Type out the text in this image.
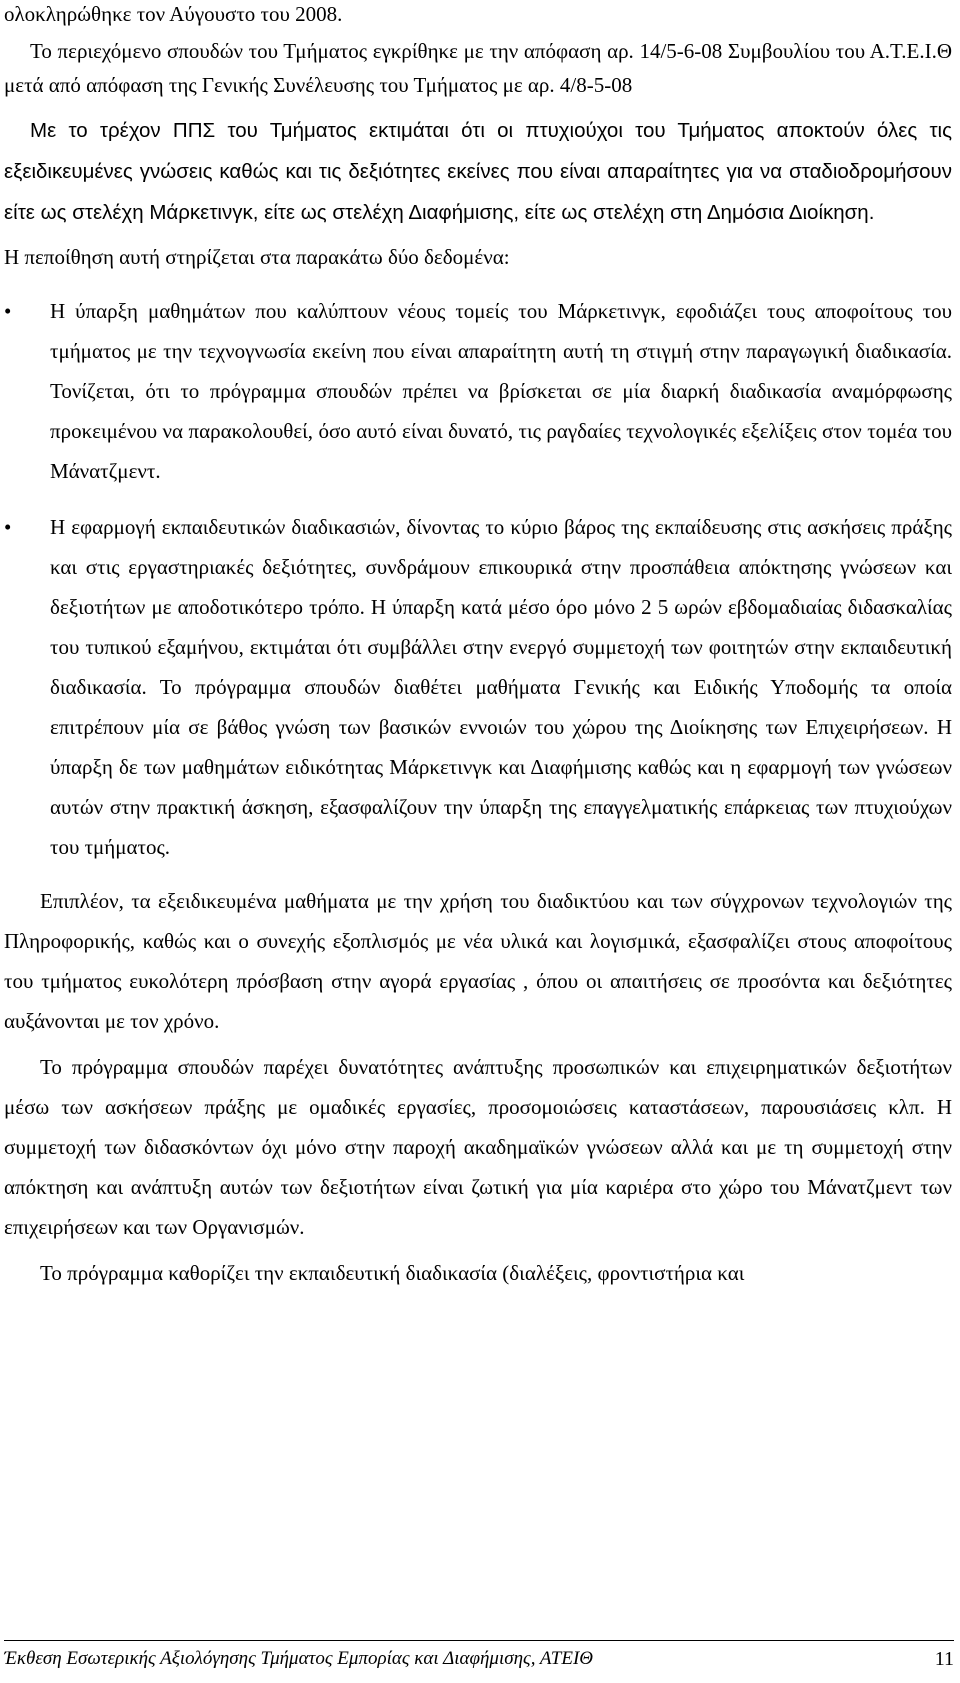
ολοκληρώθηκε τον Αύγουστο του 2008.

Το περιεχόμενο σπουδών του Τμήματος εγκρίθηκε με την απόφαση αρ. 14/5-6-08 Συμβουλίου του Α.Τ.Ε.Ι.Θ μετά από απόφαση της Γενικής Συνέλευσης του Τμήματος με αρ. 4/8-5-08

Με το τρέχον ΠΠΣ του Τμήματος εκτιμάται ότι οι πτυχιούχοι του Τμήματος αποκτούν όλες τις εξειδικευμένες γνώσεις καθώς και τις δεξιότητες εκείνες που είναι απαραίτητες για να σταδιοδρομήσουν είτε ως στελέχη Μάρκετινγκ, είτε ως στελέχη Διαφήμισης, είτε ως στελέχη στη Δημόσια Διοίκηση.

Η πεποίθηση αυτή στηρίζεται στα παρακάτω δύο δεδομένα:

• Η ύπαρξη μαθημάτων που καλύπτουν νέους τομείς του Μάρκετινγκ, εφοδιάζει τους αποφοίτους του τμήματος με την τεχνογνωσία εκείνη που είναι απαραίτητη αυτή τη στιγμή στην παραγωγική διαδικασία. Τονίζεται, ότι το πρόγραμμα σπουδών πρέπει να βρίσκεται σε μία διαρκή διαδικασία αναμόρφωσης προκειμένου να παρακολουθεί, όσο αυτό είναι δυνατό, τις ραγδαίες τεχνολογικές εξελίξεις στον τομέα του Μάνατζμεντ.

• Η εφαρμογή εκπαιδευτικών διαδικασιών, δίνοντας το κύριο βάρος της εκπαίδευσης στις ασκήσεις πράξης και στις εργαστηριακές δεξιότητες, συνδράμουν επικουρικά στην προσπάθεια απόκτησης γνώσεων και δεξιοτήτων με αποδοτικότερο τρόπο. Η ύπαρξη κατά μέσο όρο μόνο 2 5 ωρών εβδομαδιαίας διδασκαλίας του τυπικού εξαμήνου, εκτιμάται ότι συμβάλλει στην ενεργό συμμετοχή των φοιτητών στην εκπαιδευτική διαδικασία. Το πρόγραμμα σπουδών διαθέτει μαθήματα Γενικής και Ειδικής Υποδομής τα οποία επιτρέπουν μία σε βάθος γνώση των βασικών εννοιών του χώρου της Διοίκησης των Επιχειρήσεων. Η ύπαρξη δε των μαθημάτων ειδικότητας Μάρκετινγκ και Διαφήμισης καθώς και η εφαρμογή των γνώσεων αυτών στην πρακτική άσκηση, εξασφαλίζουν την ύπαρξη της επαγγελματικής επάρκειας των πτυχιούχων του τμήματος.

Επιπλέον, τα εξειδικευμένα μαθήματα με την χρήση του διαδικτύου και των σύγχρονων τεχνολογιών της Πληροφορικής, καθώς και ο συνεχής εξοπλισμός με νέα υλικά και λογισμικά, εξασφαλίζει στους αποφοίτους του τμήματος ευκολότερη πρόσβαση στην αγορά εργασίας , όπου οι απαιτήσεις σε προσόντα και δεξιότητες αυξάνονται με τον χρόνο.

Το πρόγραμμα σπουδών παρέχει δυνατότητες ανάπτυξης προσωπικών και επιχειρηματικών δεξιοτήτων μέσω των ασκήσεων πράξης με ομαδικές εργασίες, προσομοιώσεις καταστάσεων, παρουσιάσεις κλπ. Η συμμετοχή των διδασκόντων όχι μόνο στην παροχή ακαδημαϊκών γνώσεων αλλά και με τη συμμετοχή στην απόκτηση και ανάπτυξη αυτών των δεξιοτήτων είναι ζωτική για μία καριέρα στο χώρο του Μάνατζμεντ των επιχειρήσεων και των Οργανισμών.

Το πρόγραμμα καθορίζει την εκπαιδευτική διαδικασία (διαλέξεις, φροντιστήρια και

Έκθεση Εσωτερικής Αξιολόγησης Τμήματος Εμπορίας και Διαφήμισης, ΑΤΕΙΘ	11
